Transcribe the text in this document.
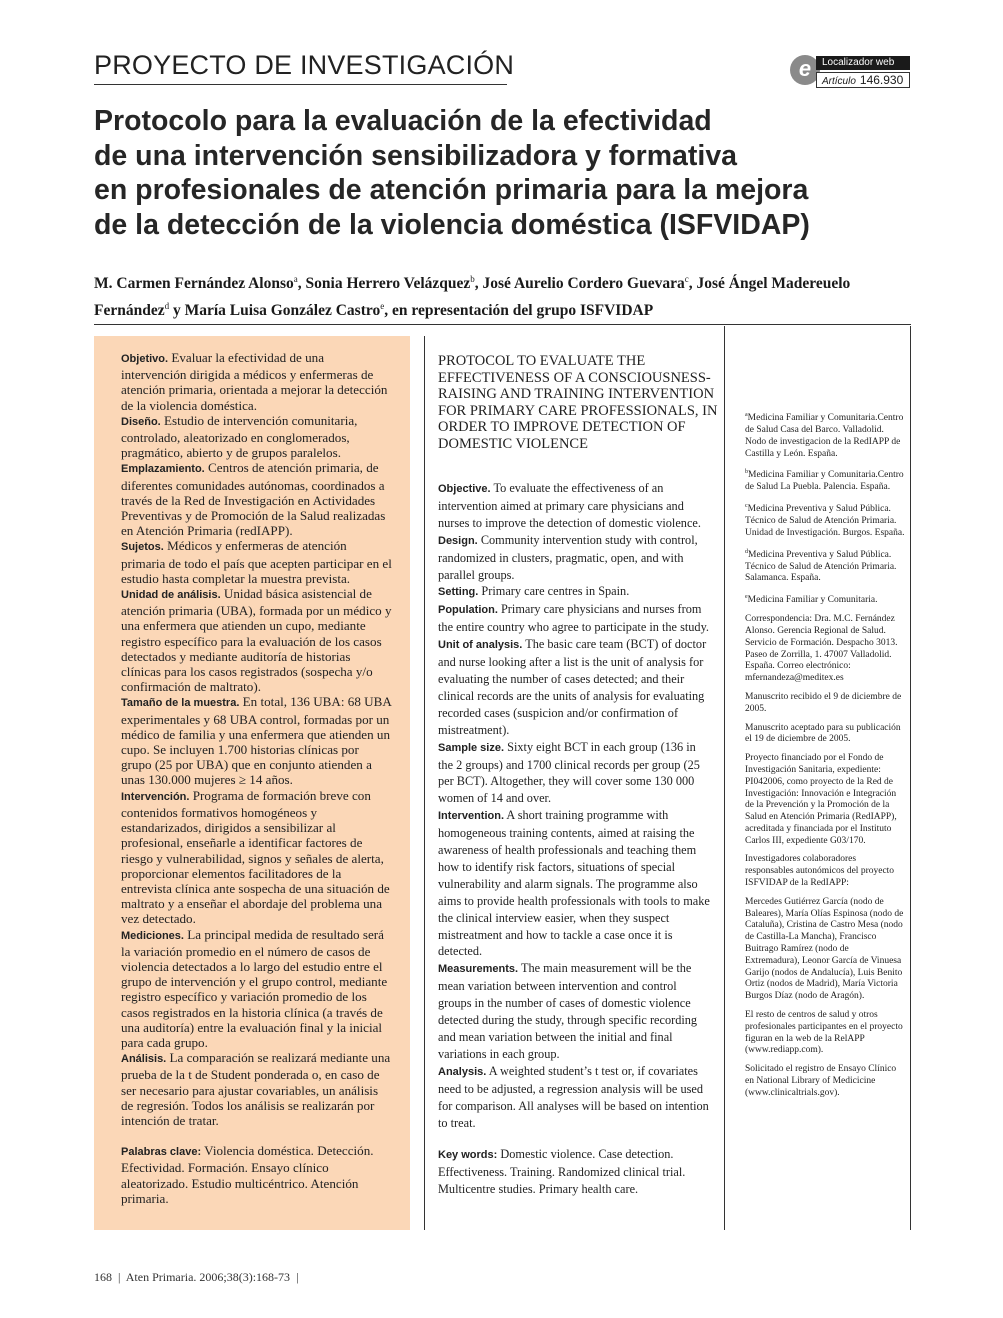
PROYECTO DE INVESTIGACIÓN	e	Localizador web
Artículo 146.930
Protocolo para la evaluación de la efectividad
de una intervención sensibilizadora y formativa
en profesionales de atención primaria para la mejora
de la detección de la violencia doméstica (ISFVIDAP)
M. Carmen Fernández Alonso$^a$, Sonia Herrero Velázquez$^b$, José Aurelio Cordero Guevara$^c$, José Ángel Madereuelo Fernández$^d$ y María Luisa González Castro$^e$, en representación del grupo ISFVIDAP

Objetivo. Evaluar la efectividad de una intervención dirigida a médicos y enfermeras de atención primaria, orientada a mejorar la detección de la violencia doméstica.

Diseño. Estudio de intervención comunitaria, controlado, aleatorizado en conglomerados, pragmático, abierto y de grupos paralelos.

Emplazamiento. Centros de atención primaria, de diferentes comunidades autónomas, coordinados a través de la Red de Investigación en Actividades Preventivas y de Promoción de la Salud realizadas en Atención Primaria (redIAPP).

Sujetos. Médicos y enfermeras de atención primaria de todo el país que acepten participar en el estudio hasta completar la muestra prevista.

Unidad de análisis. Unidad básica asistencial de atención primaria (UBA), formada por un médico y una enfermera que atienden un cupo, mediante registro específico para la evaluación de los casos detectados y mediante auditoría de historias clínicas para los casos registrados (sospecha y/o confirmación de maltrato).

Tamaño de la muestra. En total, 136 UBA: 68 UBA experimentales y 68 UBA control, formadas por un médico de familia y una enfermera que atienden un cupo. Se incluyen 1.700 historias clínicas por grupo (25 por UBA) que en conjunto atienden a unas 130.000 mujeres ≥ 14 años.

Intervención. Programa de formación breve con contenidos formativos homogéneos y estandarizados, dirigidos a sensibilizar al profesional, enseñarle a identificar factores de riesgo y vulnerabilidad, signos y señales de alerta, proporcionar elementos facilitadores de la entrevista clínica ante sospecha de una situación de maltrato y a enseñar el abordaje del problema una vez detectado.

Mediciones. La principal medida de resultado será la variación promedio en el número de casos de violencia detectados a lo largo del estudio entre el grupo de intervención y el grupo control, mediante registro específico y variación promedio de los casos registrados en la historia clínica (a través de una auditoría) entre la evaluación final y la inicial para cada grupo.

Análisis. La comparación se realizará mediante una prueba de la t de Student ponderada o, en caso de ser necesario para ajustar covariables, un análisis de regresión. Todos los análisis se realizarán por intención de tratar.

Palabras clave: Violencia doméstica. Detección. Efectividad. Formación. Ensayo clínico aleatorizado. Estudio multicéntrico. Atención primaria.

PROTOCOL TO EVALUATE THE EFFECTIVENESS OF A CONSCIOUSNESS-RAISING AND TRAINING INTERVENTION FOR PRIMARY CARE PROFESSIONALS, IN ORDER TO IMPROVE DETECTION OF DOMESTIC VIOLENCE

Objective. To evaluate the effectiveness of an intervention aimed at primary care physicians and nurses to improve the detection of domestic violence.

Design. Community intervention study with control, randomized in clusters, pragmatic, open, and with parallel groups.

Setting. Primary care centres in Spain.

Population. Primary care physicians and nurses from the entire country who agree to participate in the study.

Unit of analysis. The basic care team (BCT) of doctor and nurse looking after a list is the unit of analysis for evaluating the number of cases detected; and their clinical records are the units of analysis for evaluating recorded cases (suspicion and/or confirmation of mistreatment).

Sample size. Sixty eight BCT in each group (136 in the 2 groups) and 1700 clinical records per group (25 per BCT). Altogether, they will cover some 130 000 women of 14 and over.

Intervention. A short training programme with homogeneous training contents, aimed at raising the awareness of health professionals and teaching them how to identify risk factors, situations of special vulnerability and alarm signals. The programme also aims to provide health professionals with tools to make the clinical interview easier, when they suspect mistreatment and how to tackle a case once it is detected.

Measurements. The main measurement will be the mean variation between intervention and control groups in the number of cases of domestic violence detected during the study, through specific recording and mean variation between the initial and final variations in each group.

Analysis. A weighted student’s t test or, if covariates need to be adjusted, a regression analysis will be used for comparison. All analyses will be based on intention to treat.

Key words: Domestic violence. Case detection. Effectiveness. Training. Randomized clinical trial. Multicentre studies. Primary health care.

$^a$Medicina Familiar y Comunitaria.Centro de Salud Casa del Barco. Valladolid. Nodo de investigacion de la RedIAPP de Castilla y León. España.

$^b$Medicina Familiar y Comunitaria.Centro de Salud La Puebla. Palencia. España.

$^c$Medicina Preventiva y Salud Pública. Técnico de Salud de Atención Primaria. Unidad de Investigación. Burgos. España.

$^d$Medicina Preventiva y Salud Pública. Técnico de Salud de Atención Primaria. Salamanca. España.

$^e$Medicina Familiar y Comunitaria.

Correspondencia: Dra. M.C. Fernández Alonso. Gerencia Regional de Salud. Servicio de Formación. Despacho 3013. Paseo de Zorrilla, 1. 47007 Valladolid. España. Correo electrónico: mfernandeza@meditex.es

Manuscrito recibido el 9 de diciembre de 2005.

Manuscrito aceptado para su publicación el 19 de diciembre de 2005.

Proyecto financiado por el Fondo de Investigación Sanitaria, expediente: PI042006, como proyecto de la Red de Investigación: Innovación e Integración de la Prevención y la Promoción de la Salud en Atención Primaria (RedIAPP), acreditada y financiada por el Instituto Carlos III, expediente G03/170.

Investigadores colaboradores responsables autonómicos del proyecto ISFVIDAP de la RedIAPP:

Mercedes Gutiérrez García (nodo de Baleares), María Olías Espinosa (nodo de Cataluña), Cristina de Castro Mesa (nodo de Castilla-La Mancha), Francisco Buitrago Ramírez (nodo de Extremadura), Leonor García de Vinuesa Garijo (nodos de Andalucía), Luis Benito Ortiz (nodos de Madrid), María Victoria Burgos Díaz (nodo de Aragón).

El resto de centros de salud y otros profesionales participantes en el proyecto figuran en la web de la RelAPP (www.rediapp.com).

Solicitado el registro de Ensayo Clínico en National Library of Medicicine (www.clinicaltrials.gov).

168  |  Aten Primaria. 2006;38(3):168-73  |
